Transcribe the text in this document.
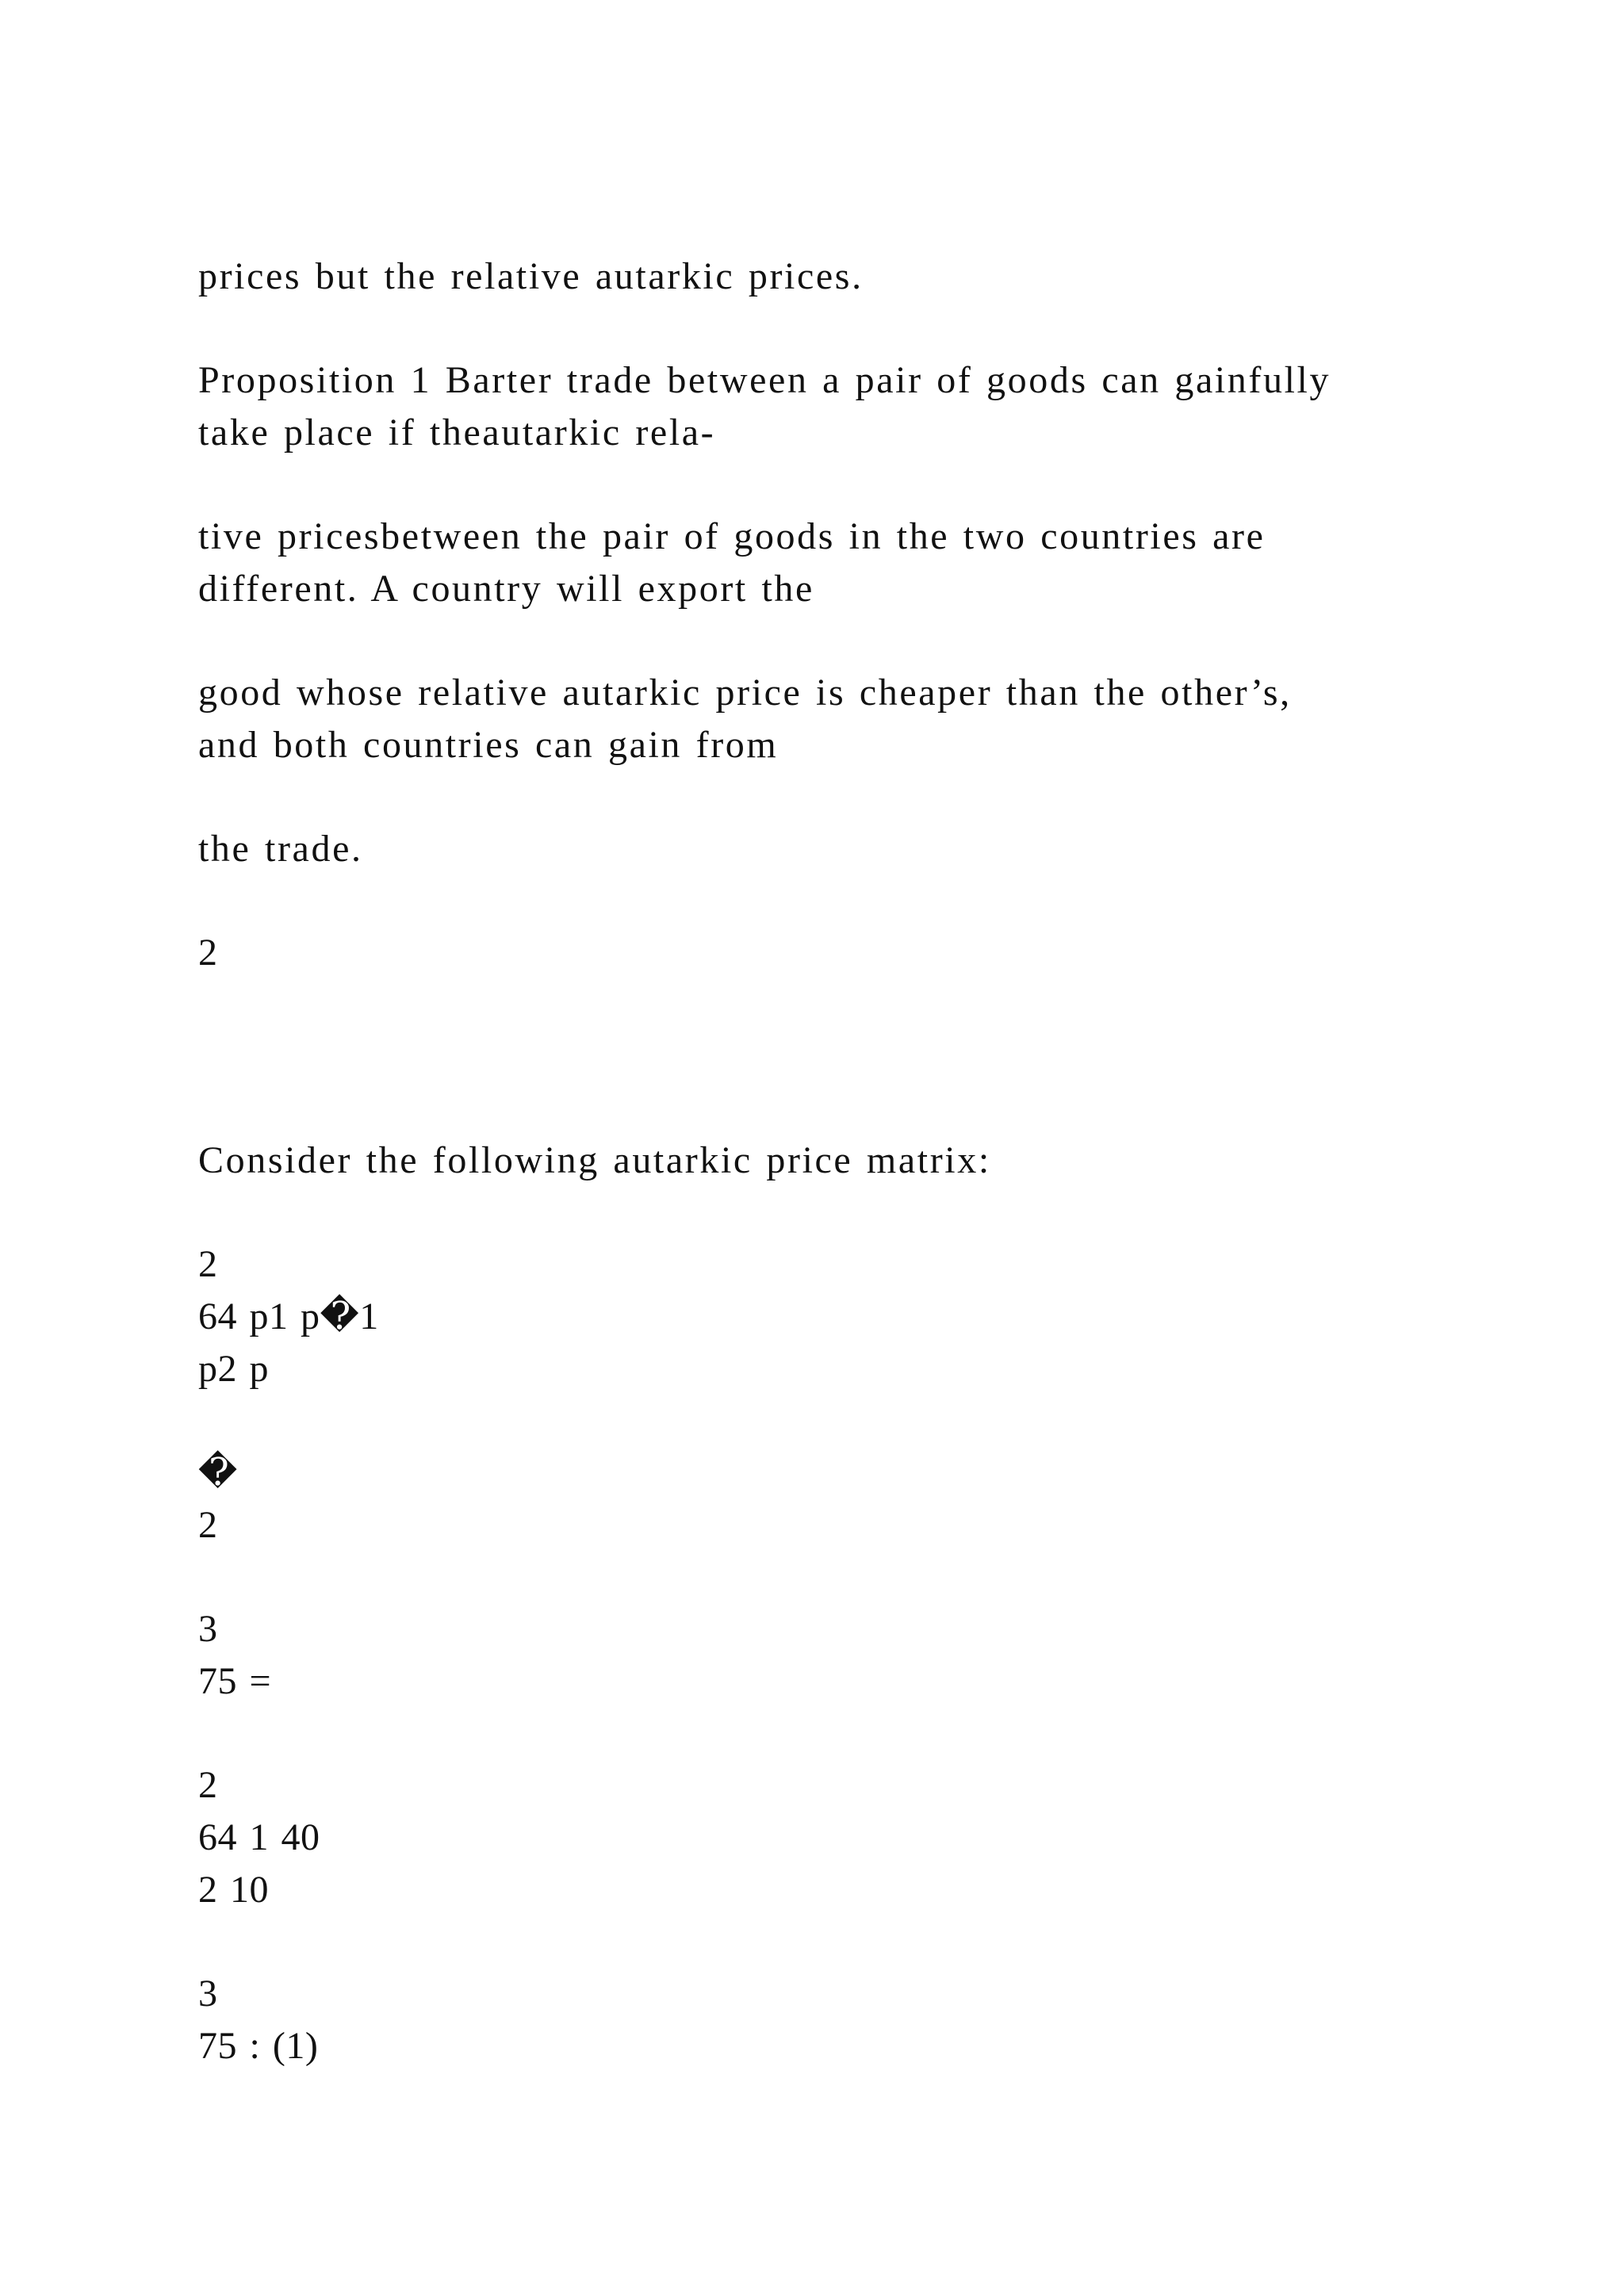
prices but the relative autarkic prices.
Proposition 1 Barter trade between a pair of goods can gainfully
take place if theautarkic rela-
tive pricesbetween the pair of goods in the two countries are
different. A country will export the
good whose relative autarkic price is cheaper than the other’s,
and both countries can gain from
the trade.
2
Consider the following autarkic price matrix:
2
64 p1 p�1
p2 p
�
2
3
75 =
2
64 1 40
2 10
3
75 : (1)
